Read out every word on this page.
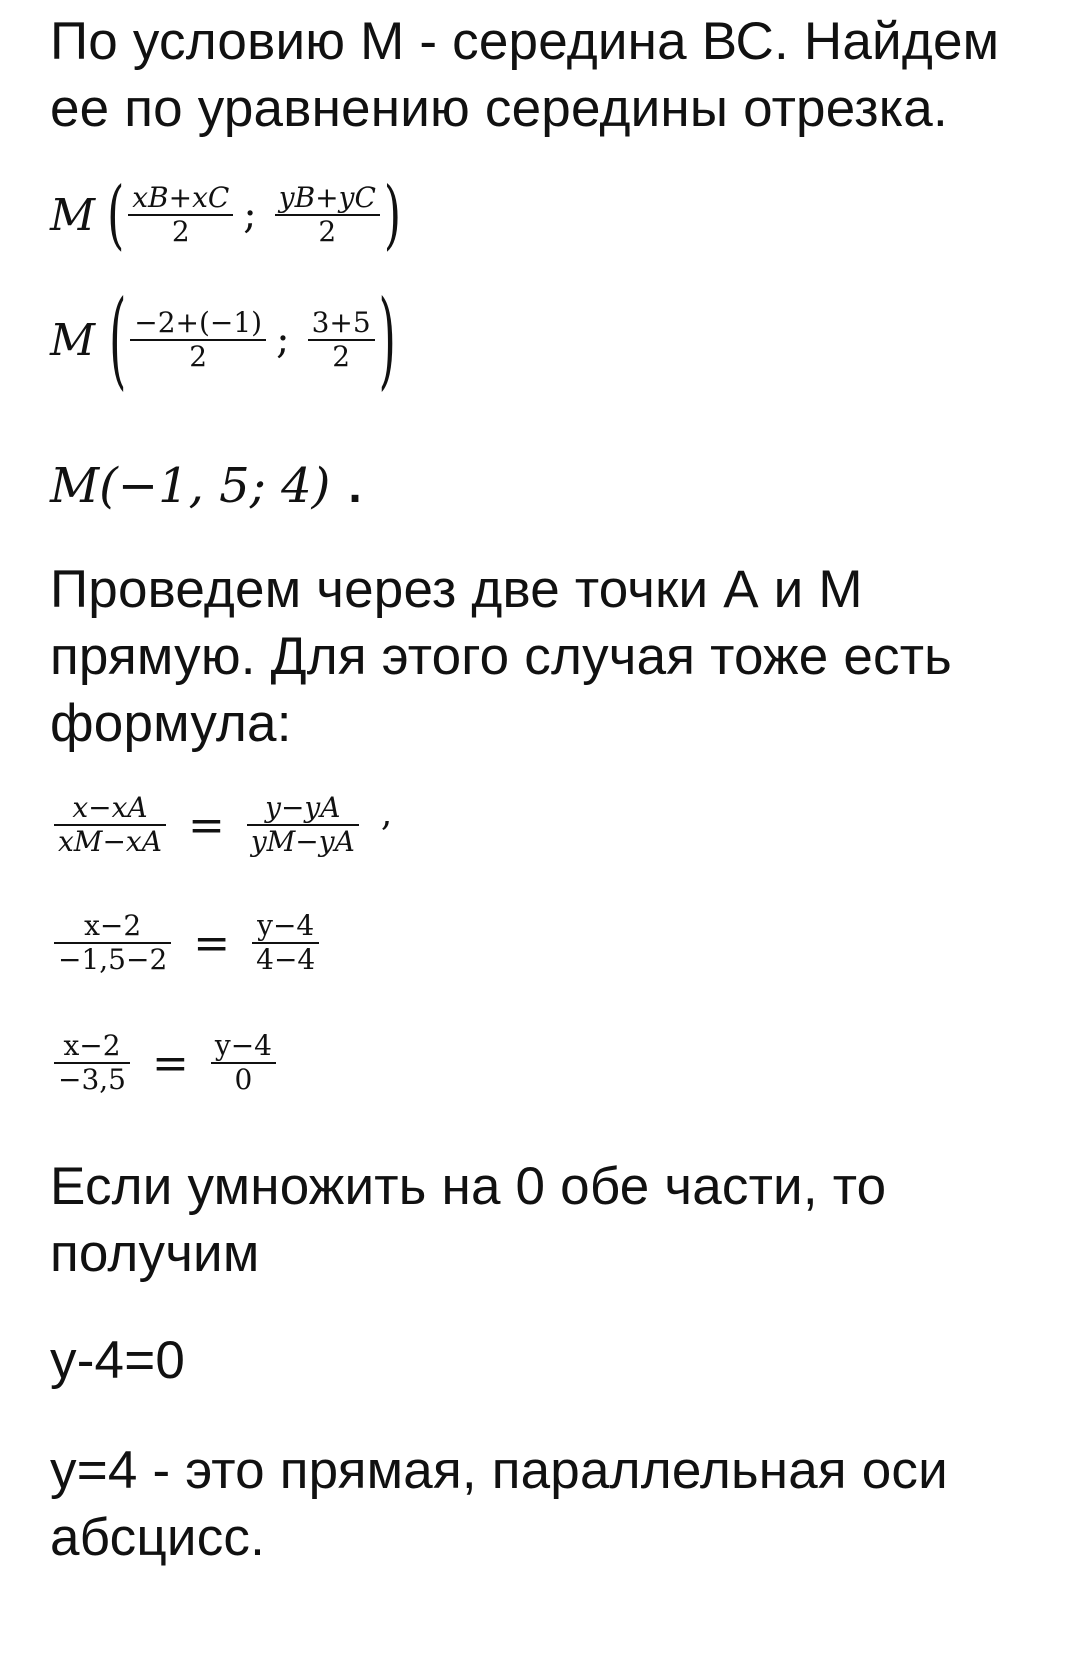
По условию М - середина ВС. Найдем ее по уравнению середины отрезка.

M ( $\frac{xB+xC}{2}$ ; $\frac{yB+yC}{2}$ )
M ( $\frac{-2+(-1)}{2}$ ; $\frac{3+5}{2}$ )
M(−1, 5; 4) .

Проведем через две точки А и М прямую. Для этого случая тоже есть формула:

$\frac{x-xA}{xM-xA} = \frac{y-yA}{yM-yA}$ ,
$\frac{x-2}{-1,5-2} = \frac{y-4}{4-4}$
$\frac{x-2}{-3,5} = \frac{y-4}{0}$

Если умножить на 0 обе части, то получим

y-4=0

y=4 - это прямая, параллельная оси абсцисс.
